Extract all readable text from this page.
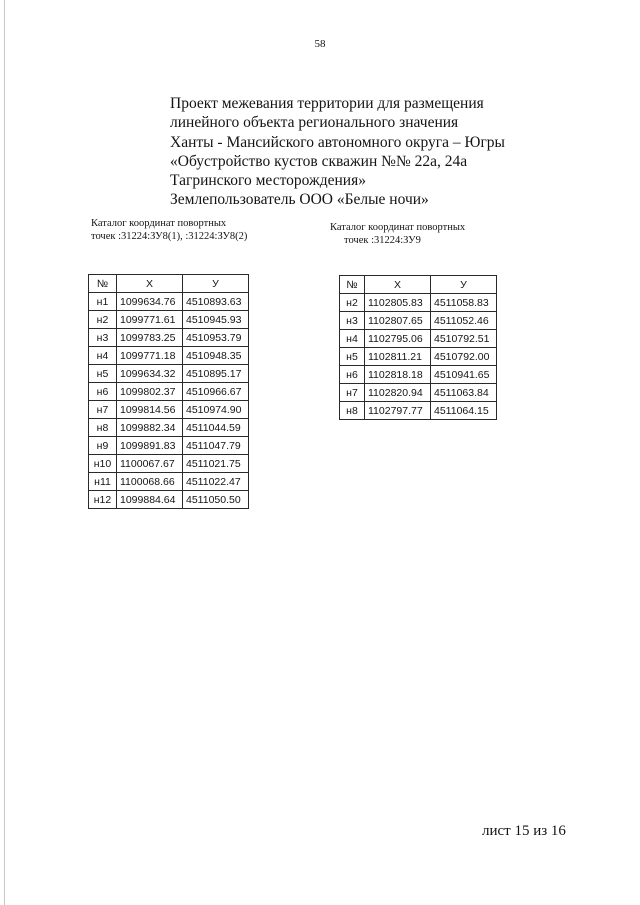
58
Проект межевания территории для размещения
линейного объекта регионального значения
Ханты - Мансийского автономного округа – Югры
«Обустройство кустов скважин №№ 22а, 24а
Тагринского месторождения»
Землепользователь ООО «Белые ночи»
Каталог координат повортных
точек :31224:ЗУ8(1), :31224:ЗУ8(2)
Каталог координат повортных
точек :31224:ЗУ9
№	X	У
н1	1099634.76	4510893.63
н2	1099771.61	4510945.93
н3	1099783.25	4510953.79
н4	1099771.18	4510948.35
н5	1099634.32	4510895.17
н6	1099802.37	4510966.67
н7	1099814.56	4510974.90
н8	1099882.34	4511044.59
н9	1099891.83	4511047.79
н10	1100067.67	4511021.75
н11	1100068.66	4511022.47
н12	1099884.64	4511050.50
№	X	У
н2	1102805.83	4511058.83
н3	1102807.65	4511052.46
н4	1102795.06	4510792.51
н5	1102811.21	4510792.00
н6	1102818.18	4510941.65
н7	1102820.94	4511063.84
н8	1102797.77	4511064.15
лист 15 из 16
